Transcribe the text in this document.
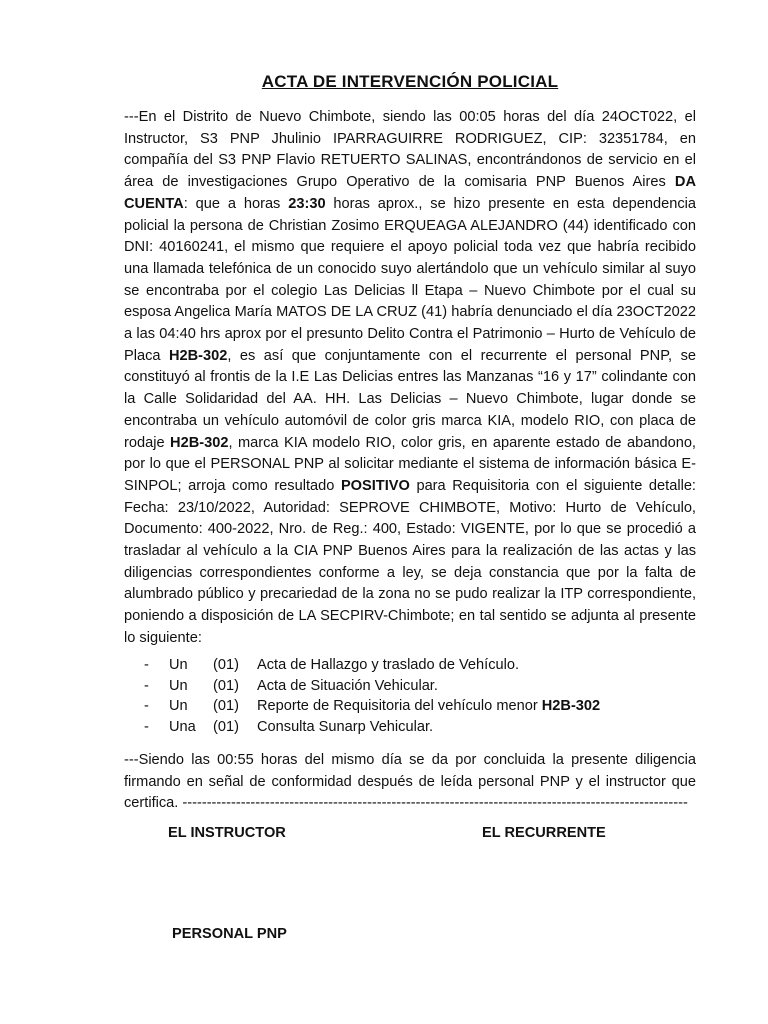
ACTA DE INTERVENCIÓN POLICIAL
---En el Distrito de Nuevo Chimbote, siendo las 00:05 horas del día 24OCT022, el Instructor, S3 PNP Jhulinio IPARRAGUIRRE RODRIGUEZ, CIP: 32351784, en compañía del S3 PNP Flavio RETUERTO SALINAS, encontrándonos de servicio en el área de investigaciones Grupo Operativo de la comisaria PNP Buenos Aires DA CUENTA: que a horas 23:30 horas aprox., se hizo presente en esta dependencia policial la persona de Christian Zosimo ERQUEAGA ALEJANDRO (44) identificado con DNI: 40160241, el mismo que requiere el apoyo policial toda vez que habría recibido una llamada telefónica de un conocido suyo alertándolo que un vehículo similar al suyo se encontraba por el colegio Las Delicias ll Etapa – Nuevo Chimbote por el cual su esposa Angelica María MATOS DE LA CRUZ (41) habría denunciado el día 23OCT2022 a las 04:40 hrs aprox por el presunto Delito Contra el Patrimonio – Hurto de Vehículo de Placa H2B-302, es así que conjuntamente con el recurrente el personal PNP, se constituyó al frontis de la I.E Las Delicias entres las Manzanas “16 y 17” colindante con la Calle Solidaridad del AA. HH. Las Delicias – Nuevo Chimbote, lugar donde se encontraba un vehículo automóvil de color gris marca KIA, modelo RIO, con placa de rodaje H2B-302, marca KIA modelo RIO, color gris, en aparente estado de abandono, por lo que el PERSONAL PNP al solicitar mediante el sistema de información básica E-SINPOL; arroja como resultado POSITIVO para Requisitoria con el siguiente detalle: Fecha: 23/10/2022, Autoridad: SEPROVE CHIMBOTE, Motivo: Hurto de Vehículo, Documento: 400-2022, Nro. de Reg.: 400, Estado: VIGENTE, por lo que se procedió a trasladar al vehículo a la CIA PNP Buenos Aires para la realización de las actas y las diligencias correspondientes conforme a ley, se deja constancia que por la falta de alumbrado público y precariedad de la zona no se pudo realizar la ITP correspondiente, poniendo a disposición de LA SECPIRV-Chimbote; en tal sentido se adjunta al presente lo siguiente:
-	Un	(01)	Acta de Hallazgo y traslado de Vehículo.
-	Un	(01)	Acta de Situación Vehicular.
-	Un	(01)	Reporte de Requisitoria del vehículo menor H2B-302
-	Una	(01)	Consulta Sunarp Vehicular.
---Siendo las 00:55 horas del mismo día se da por concluida la presente diligencia firmando en señal de conformidad después de leída personal PNP y el instructor que certifica. --------------------------------------------------------------------------------------------------------
EL INSTRUCTOR	EL RECURRENTE
PERSONAL PNP
